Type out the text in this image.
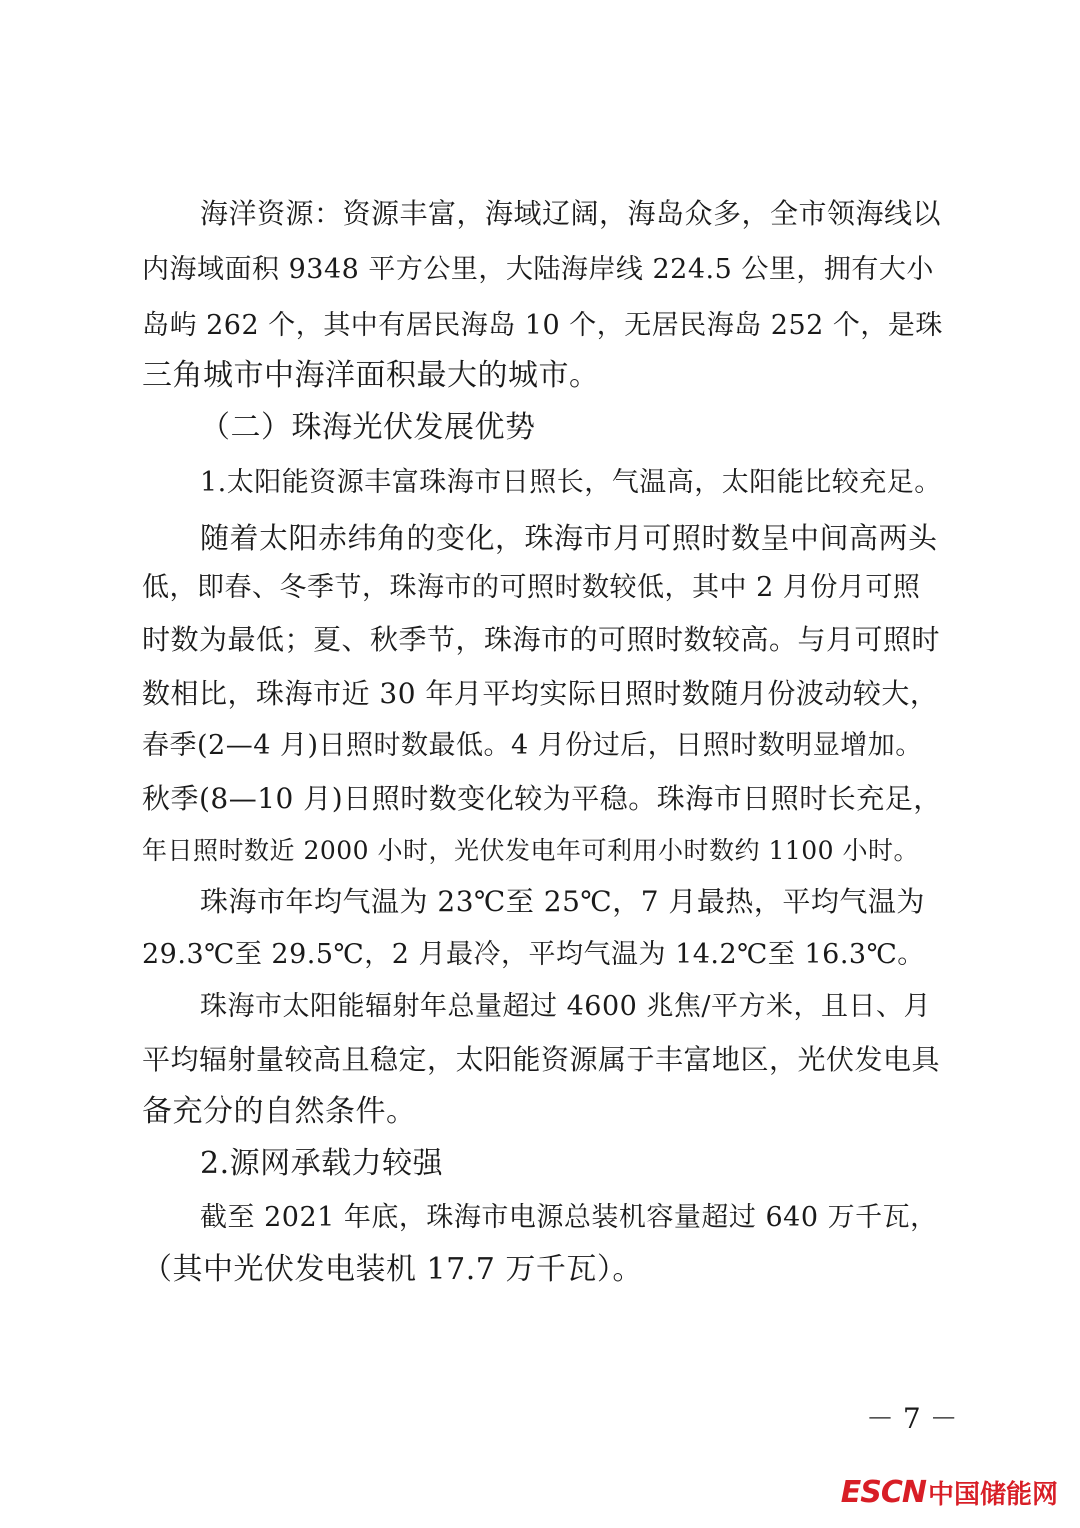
海洋资源：资源丰富，海域辽阔，海岛众多，全市领海线以
内海域面积 9348 平方公里，大陆海岸线 224.5 公里，拥有大小
岛屿 262 个，其中有居民海岛 10 个，无居民海岛 252 个，是珠
三角城市中海洋面积最大的城市。
（二）珠海光伏发展优势
1.太阳能资源丰富珠海市日照长，气温高，太阳能比较充足。
随着太阳赤纬角的变化，珠海市月可照时数呈中间高两头
低，即春、冬季节，珠海市的可照时数较低，其中 2 月份月可照
时数为最低；夏、秋季节，珠海市的可照时数较高。与月可照时
数相比，珠海市近 30 年月平均实际日照时数随月份波动较大，
春季(2—4 月)日照时数最低。4 月份过后，日照时数明显增加。
秋季(8—10 月)日照时数变化较为平稳。珠海市日照时长充足，
年日照时数近 2000 小时，光伏发电年可利用小时数约 1100 小时。
珠海市年均气温为 23℃至 25℃，7 月最热，平均气温为
29.3℃至 29.5℃，2 月最冷，平均气温为 14.2℃至 16.3℃。
珠海市太阳能辐射年总量超过 4600 兆焦/平方米，且日、月
平均辐射量较高且稳定，太阳能资源属于丰富地区，光伏发电具
备充分的自然条件。
2.源网承载力较强
截至 2021 年底，珠海市电源总装机容量超过 640 万千瓦，
（其中光伏发电装机 17.7 万千瓦）。
－ 7 －
ESCN 中国储能网
